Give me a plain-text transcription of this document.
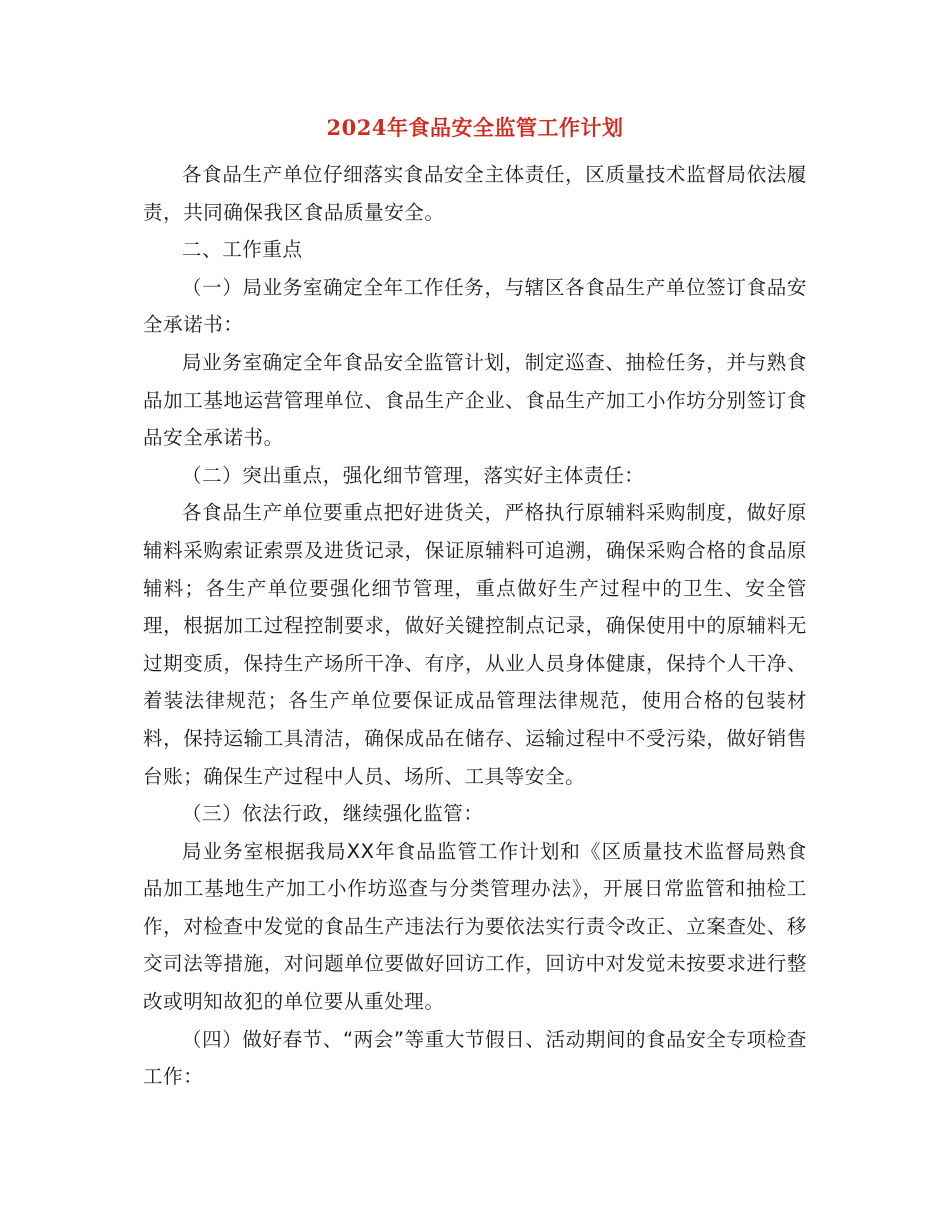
2024年食品安全监管工作计划

各食品生产单位仔细落实食品安全主体责任，区质量技术监督局依法履责，共同确保我区食品质量安全。

二、工作重点

（一）局业务室确定全年工作任务，与辖区各食品生产单位签订食品安全承诺书：

局业务室确定全年食品安全监管计划，制定巡查、抽检任务，并与熟食品加工基地运营管理单位、食品生产企业、食品生产加工小作坊分别签订食品安全承诺书。

（二）突出重点，强化细节管理，落实好主体责任：

各食品生产单位要重点把好进货关，严格执行原辅料采购制度，做好原辅料采购索证索票及进货记录，保证原辅料可追溯，确保采购合格的食品原辅料；各生产单位要强化细节管理，重点做好生产过程中的卫生、安全管理，根据加工过程控制要求，做好关键控制点记录，确保使用中的原辅料无过期变质，保持生产场所干净、有序，从业人员身体健康，保持个人干净、着装法律规范；各生产单位要保证成品管理法律规范，使用合格的包装材料，保持运输工具清洁，确保成品在储存、运输过程中不受污染，做好销售台账；确保生产过程中人员、场所、工具等安全。

（三）依法行政，继续强化监管：

局业务室根据我局XX年食品监管工作计划和《区质量技术监督局熟食品加工基地生产加工小作坊巡查与分类管理办法》，开展日常监管和抽检工作，对检查中发觉的食品生产违法行为要依法实行责令改正、立案查处、移交司法等措施，对问题单位要做好回访工作，回访中对发觉未按要求进行整改或明知故犯的单位要从重处理。

（四）做好春节、“两会”等重大节假日、活动期间的食品安全专项检查工作：
